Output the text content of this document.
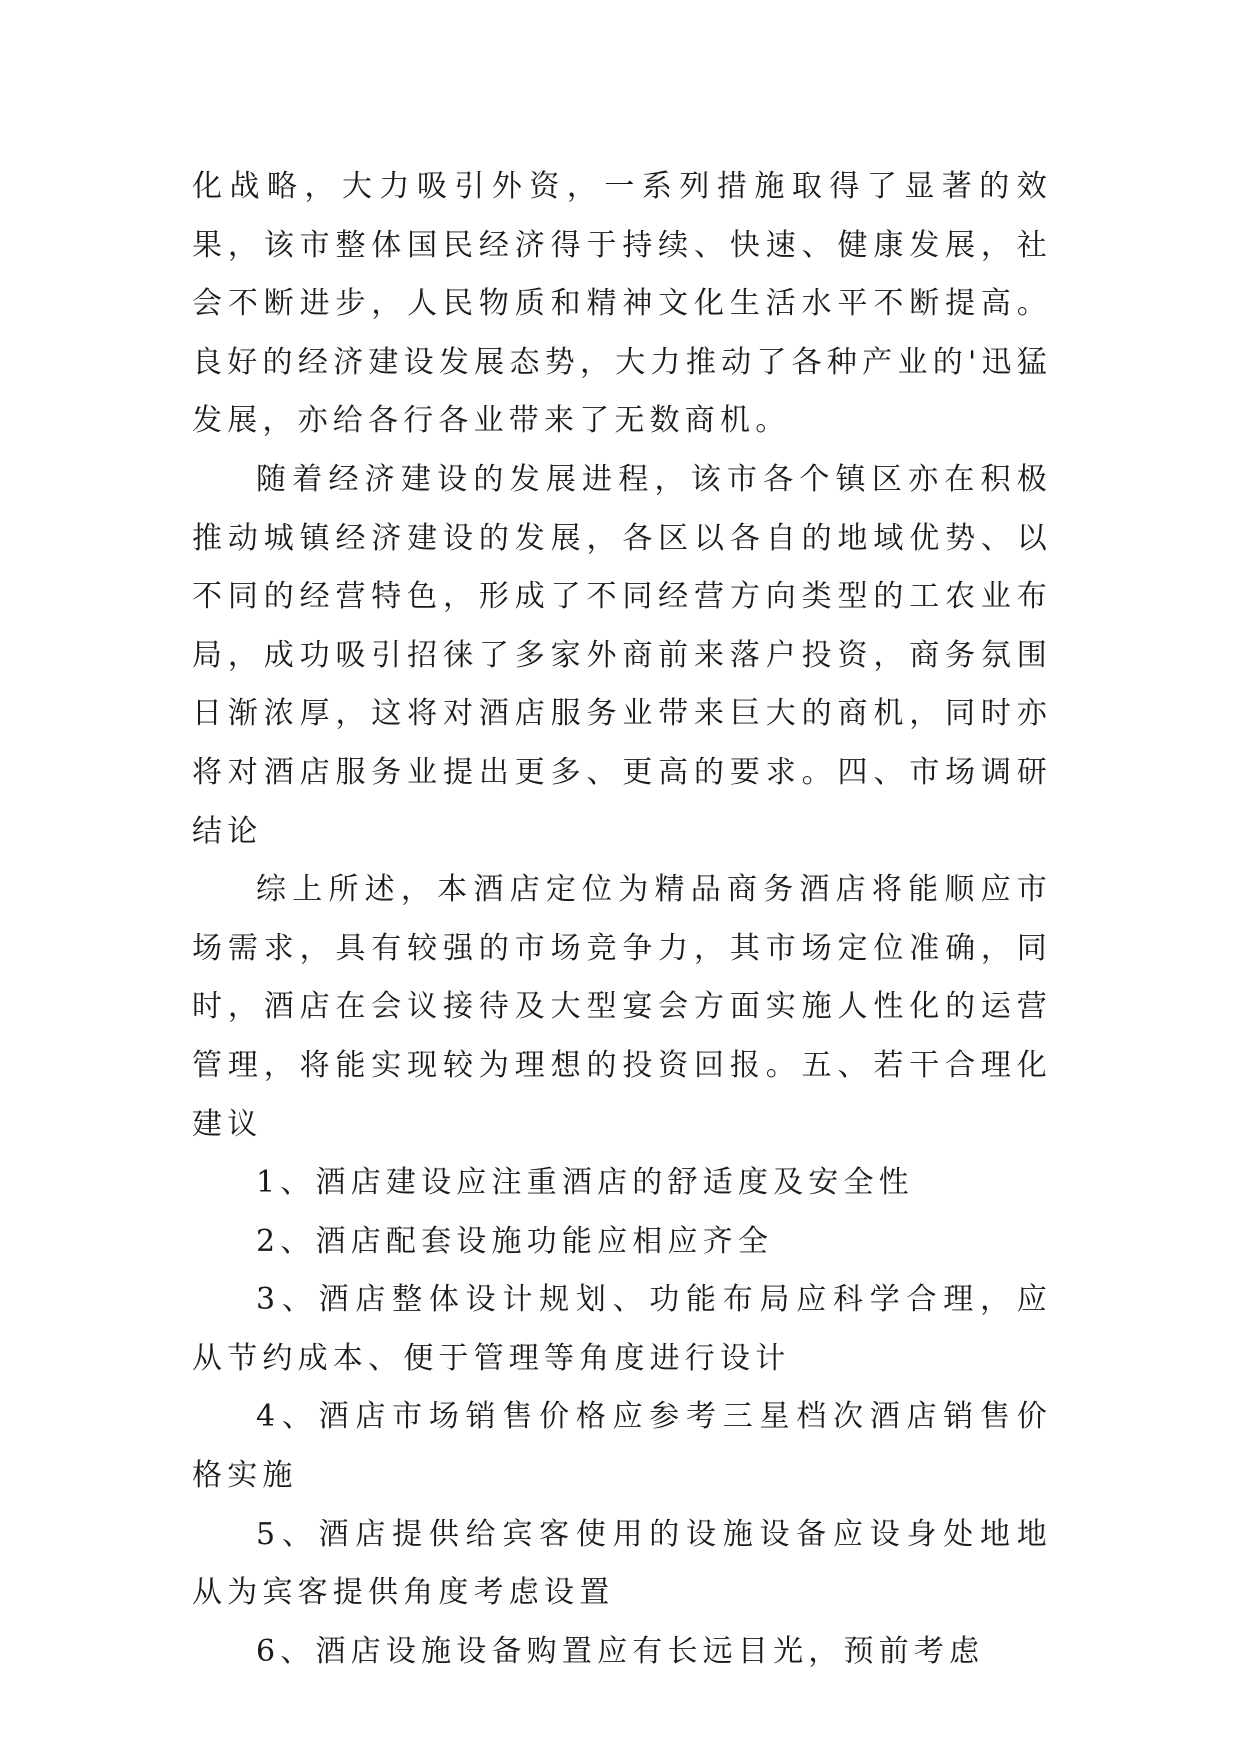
化战略，大力吸引外资，一系列措施取得了显著的效果，该市整体国民经济得于持续、快速、健康发展，社会不断进步，人民物质和精神文化生活水平不断提高。良好的经济建设发展态势，大力推动了各种产业的'迅猛发展，亦给各行各业带来了无数商机。

随着经济建设的发展进程，该市各个镇区亦在积极推动城镇经济建设的发展，各区以各自的地域优势、以不同的经营特色，形成了不同经营方向类型的工农业布局，成功吸引招徕了多家外商前来落户投资，商务氛围日渐浓厚，这将对酒店服务业带来巨大的商机，同时亦将对酒店服务业提出更多、更高的要求。四、市场调研结论

综上所述，本酒店定位为精品商务酒店将能顺应市场需求，具有较强的市场竞争力，其市场定位准确，同时，酒店在会议接待及大型宴会方面实施人性化的运营管理，将能实现较为理想的投资回报。五、若干合理化建议

1、酒店建设应注重酒店的舒适度及安全性

2、酒店配套设施功能应相应齐全

3、酒店整体设计规划、功能布局应科学合理，应从节约成本、便于管理等角度进行设计

4、酒店市场销售价格应参考三星档次酒店销售价格实施

5、酒店提供给宾客使用的设施设备应设身处地地从为宾客提供角度考虑设置

6、酒店设施设备购置应有长远目光，预前考虑
